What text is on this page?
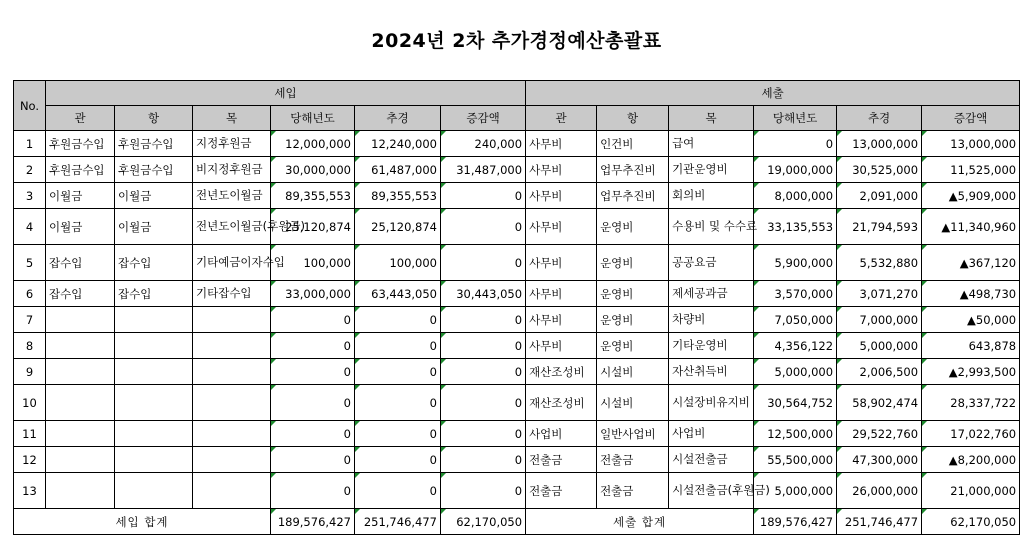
2024년 2차 추가경정예산총괄표
No.	세입						세출					
	관	항	목	당해년도	추경	증감액	관	항	목	당해년도	추경	증감액
1	후원금수입	후원금수입	지정후원금	12,000,000	12,240,000	240,000	사무비	인건비	급여	0	13,000,000	13,000,000
2	후원금수입	후원금수입	비지정후원금	30,000,000	61,487,000	31,487,000	사무비	업무추진비	기관운영비	19,000,000	30,525,000	11,525,000
3	이월금	이월금	전년도이월금	89,355,553	89,355,553	0	사무비	업무추진비	회의비	8,000,000	2,091,000	▲5,909,000
4	이월금	이월금	전년도이월금(후원금)	25,120,874	25,120,874	0	사무비	운영비	수용비 및 수수료	33,135,553	21,794,593	▲11,340,960
5	잡수입	잡수입	기타예금이자수입	100,000	100,000	0	사무비	운영비	공공요금	5,900,000	5,532,880	▲367,120
6	잡수입	잡수입	기타잡수입	33,000,000	63,443,050	30,443,050	사무비	운영비	제세공과금	3,570,000	3,071,270	▲498,730
7				0	0	0	사무비	운영비	차량비	7,050,000	7,000,000	▲50,000
8				0	0	0	사무비	운영비	기타운영비	4,356,122	5,000,000	643,878
9				0	0	0	재산조성비	시설비	자산취득비	5,000,000	2,006,500	▲2,993,500
10				0	0	0	재산조성비	시설비	시설장비유지비	30,564,752	58,902,474	28,337,722
11				0	0	0	사업비	일반사업비	사업비	12,500,000	29,522,760	17,022,760
12				0	0	0	전출금	전출금	시설전출금	55,500,000	47,300,000	▲8,200,000
13				0	0	0	전출금	전출금	시설전출금(후원금)	5,000,000	26,000,000	21,000,000
세입 합계				189,576,427	251,746,477	62,170,050	세출 합계			189,576,427	251,746,477	62,170,050
